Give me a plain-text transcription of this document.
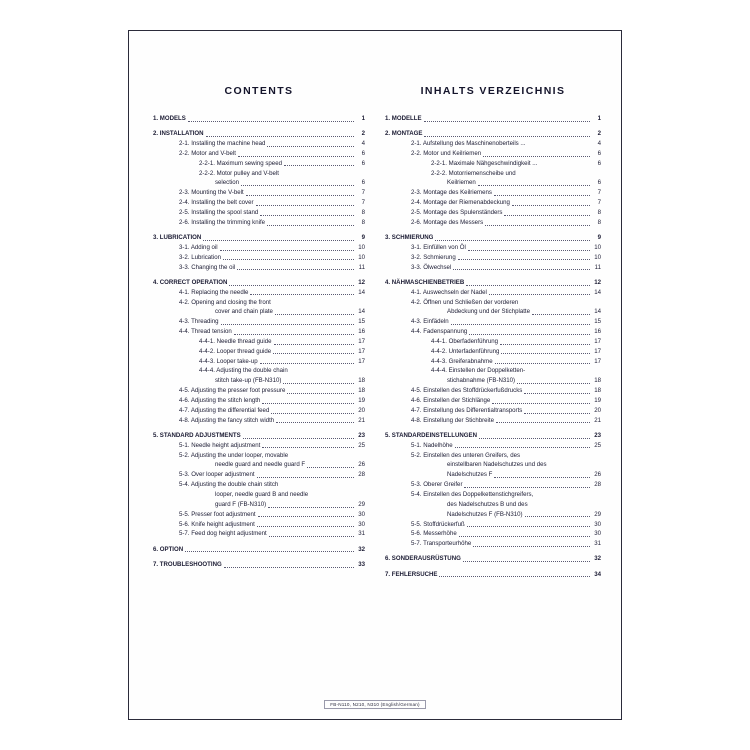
CONTENTS
1. MODELS	1
2. INSTALLATION	2
2-1. Installing the machine head	4
2-2. Motor and V-belt	6
2-2-1. Maximum sewing speed	6
2-2-2. Motor pulley and V-belt
selection	6
2-3. Mounting the V-belt	7
2-4. Installing the belt cover	7
2-5. Installing the spool stand	8
2-6. Installing the trimming knife	8
3. LUBRICATION	9
3-1. Adding oil	10
3-2. Lubrication	10
3-3. Changing the oil	11
4. CORRECT OPERATION	12
4-1. Replacing the needle	14
4-2. Opening and closing the front
cover and chain plate	14
4-3. Threading	15
4-4. Thread tension	16
4-4-1. Needle thread guide	17
4-4-2. Looper thread guide	17
4-4-3. Looper take-up	17
4-4-4. Adjusting the double chain
stitch take-up (FB-N310)	18
4-5. Adjusting the presser foot pressure	18
4-6. Adjusting the stitch length	19
4-7. Adjusting the differential feed	20
4-8. Adjusting the fancy stitch width	21
5. STANDARD ADJUSTMENTS	23
5-1. Needle height adjustment	25
5-2. Adjusting the under looper, movable
needle guard and needle guard F	26
5-3. Over looper adjustment	28
5-4. Adjusting the double chain stitch
looper, needle guard B and needle
guard F (FB-N310)	29
5-5. Presser foot adjustment	30
5-6. Knife height adjustment	30
5-7. Feed dog height adjustment	31
6. OPTION	32
7. TROUBLESHOOTING	33
INHALTS VERZEICHNIS
1. MODELLE	1
2. MONTAGE	2
2-1. Aufstellung des Maschinenoberteils ...	4
2-2. Motor und Keilriemen	6
2-2-1. Maximale Nähgeschwindigkeit ...	6
2-2-2. Motorriemenscheibe und
Keilriemen	6
2-3. Montage des Keilriemens	7
2-4. Montage der Riemenabdeckung	7
2-5. Montage des Spulenständers	8
2-6. Montage des Messers	8
3. SCHMIERUNG	9
3-1. Einfüllen von Öl	10
3-2. Schmierung	10
3-3. Ölwechsel	11
4. NÄHMASCHIENBETRIEB	12
4-1. Auswechseln der Nadel	14
4-2. Öffnen und Schließen der vorderen
Abdeckung und der Stichplatte	14
4-3. Einfädeln	15
4-4. Fadenspannung	16
4-4-1. Oberfadenführung	17
4-4-2. Unterfadenführung	17
4-4-3. Greiferabnahme	17
4-4-4. Einstellen der Doppelketten-
stichabnahme (FB-N310)	18
4-5. Einstellen des Stoffdrückerfußdrucks	18
4-6. Einstellen der Stichlänge	19
4-7. Einstellung des Differentialtransports	20
4-8. Einstellung der Stichbreite	21
5. STANDARDEINSTELLUNGEN	23
5-1. Nadelhöhe	25
5-2. Einstellen des unteren Greifers, des
einstellbaren Nadelschutzes und des
Nadelschutzes F	26
5-3. Oberer Greifer	28
5-4. Einstellen des Doppelkettenstichgreifers,
des Nadelschutzes B und des
Nadelschutzes F (FB-N310)	29
5-5. Stoffdrückerfuß	30
5-6. Messerhöhe	30
5-7. Transporteurhöhe	31
6. SONDERAUSRÜSTUNG	32
7. FEHLERSUCHE	34
FB-N110, N210, N310 (English/German)
